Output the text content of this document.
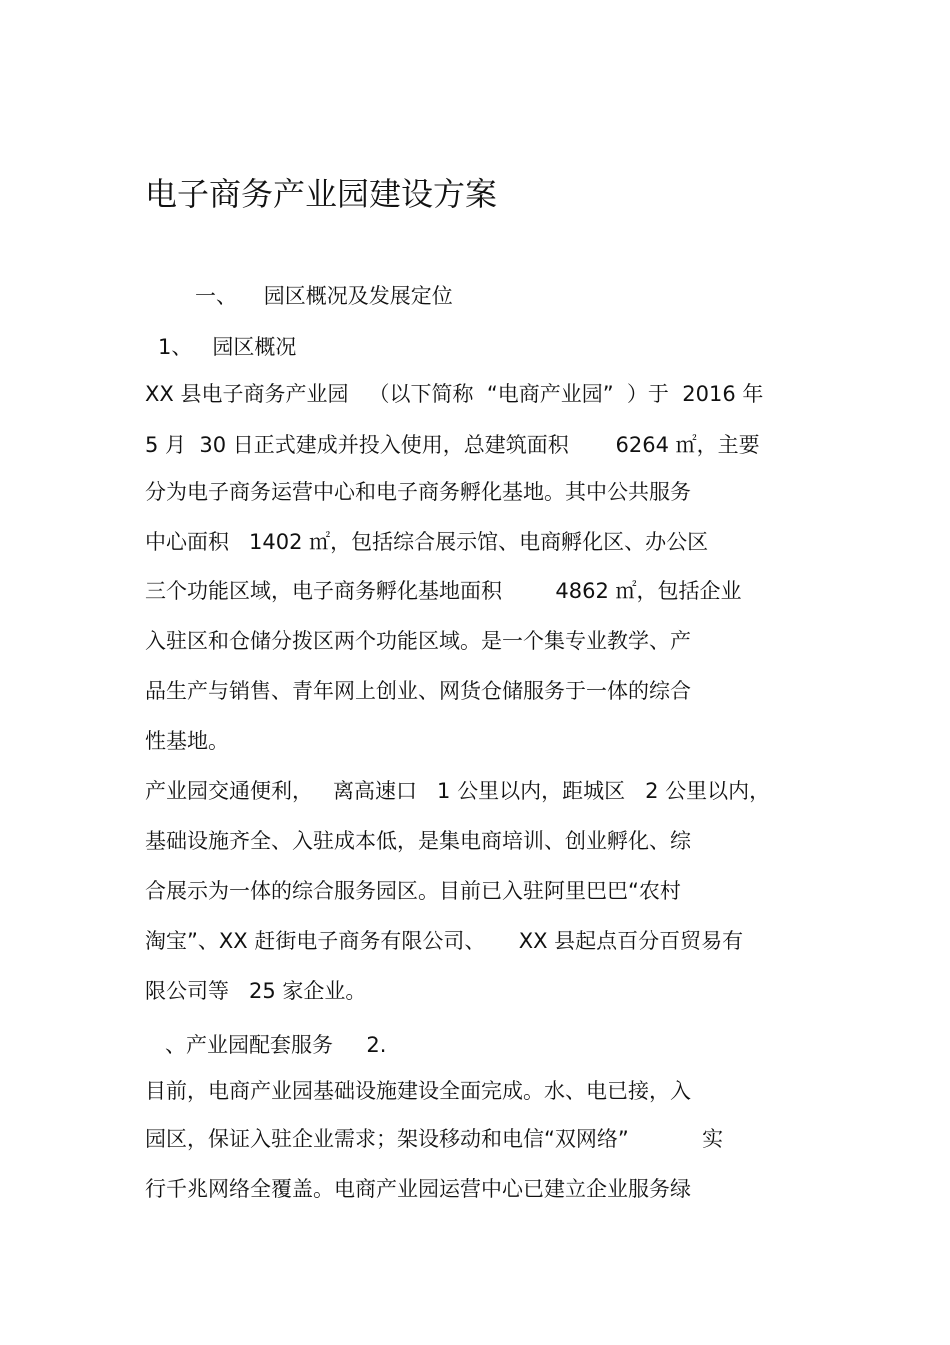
电子商务产业园建设方案
一、    园区概况及发展定位
1、   园区概况
XX 县电子商务产业园   （以下简称  “电商产业园”  ）于  2016 年
5 月  30 日正式建成并投入使用，总建筑面积       6264 ㎡，主要
分为电子商务运营中心和电子商务孵化基地。其中公共服务
中心面积   1402 ㎡，包括综合展示馆、电商孵化区、办公区
三个功能区域，电子商务孵化基地面积        4862 ㎡，包括企业
入驻区和仓储分拨区两个功能区域。是一个集专业教学、产
品生产与销售、青年网上创业、网货仓储服务于一体的综合
性基地。
产业园交通便利，   离高速口   1 公里以内，距城区   2 公里以内，
基础设施齐全、入驻成本低，是集电商培训、创业孵化、综
合展示为一体的综合服务园区。目前已入驻阿里巴巴“农村
淘宝”、XX 赶街电子商务有限公司、     XX 县起点百分百贸易有
限公司等   25 家企业。
、产业园配套服务     2.
目前，电商产业园基础设施建设全面完成。水、电已接，入
园区，保证入驻企业需求；架设移动和电信“双网络”           实
行千兆网络全覆盖。电商产业园运营中心已建立企业服务绿
